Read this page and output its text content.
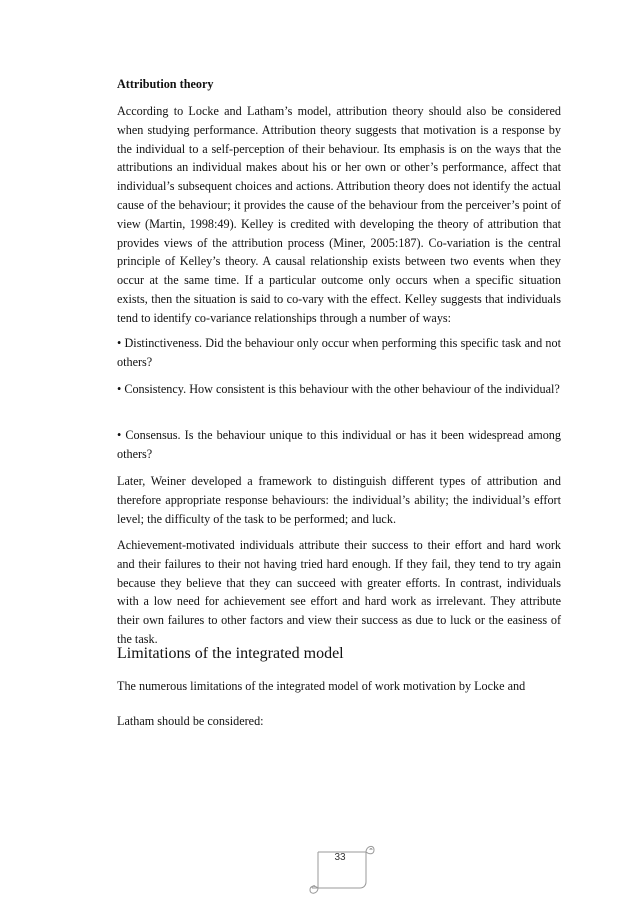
Attribution theory

According to Locke and Latham’s model, attribution theory should also be considered when studying performance. Attribution theory suggests that motivation is a response by the individual to a self-perception of their behaviour. Its emphasis is on the ways that the attributions an individual makes about his or her own or other’s performance, affect that individual’s subsequent choices and actions. Attribution theory does not identify the actual cause of the behaviour; it provides the cause of the behaviour from the perceiver’s point of view (Martin, 1998:49). Kelley is credited with developing the theory of attribution that provides views of the attribution process (Miner, 2005:187). Co-variation is the central principle of Kelley’s theory. A causal relationship exists between two events when they occur at the same time. If a particular outcome only occurs when a specific situation exists, then the situation is said to co-vary with the effect. Kelley suggests that individuals tend to identify co-variance relationships through a number of ways:

• Distinctiveness. Did the behaviour only occur when performing this specific task and not others?

• Consistency. How consistent is this behaviour with the other behaviour of the individual?

• Consensus. Is the behaviour unique to this individual or has it been widespread among others?

Later, Weiner developed a framework to distinguish different types of attribution and therefore appropriate response behaviours: the individual’s ability; the individual’s effort level; the difficulty of the task to be performed; and luck.

Achievement-motivated individuals attribute their success to their effort and hard work and their failures to their not having tried hard enough. If they fail, they tend to try again because they believe that they can succeed with greater efforts. In contrast, individuals with a low need for achievement see effort and hard work as irrelevant. They attribute their own failures to other factors and view their success as due to luck or the easiness of the task.

Limitations of the integrated model

The numerous limitations of the integrated model of work motivation by Locke and

Latham should be considered:

33
